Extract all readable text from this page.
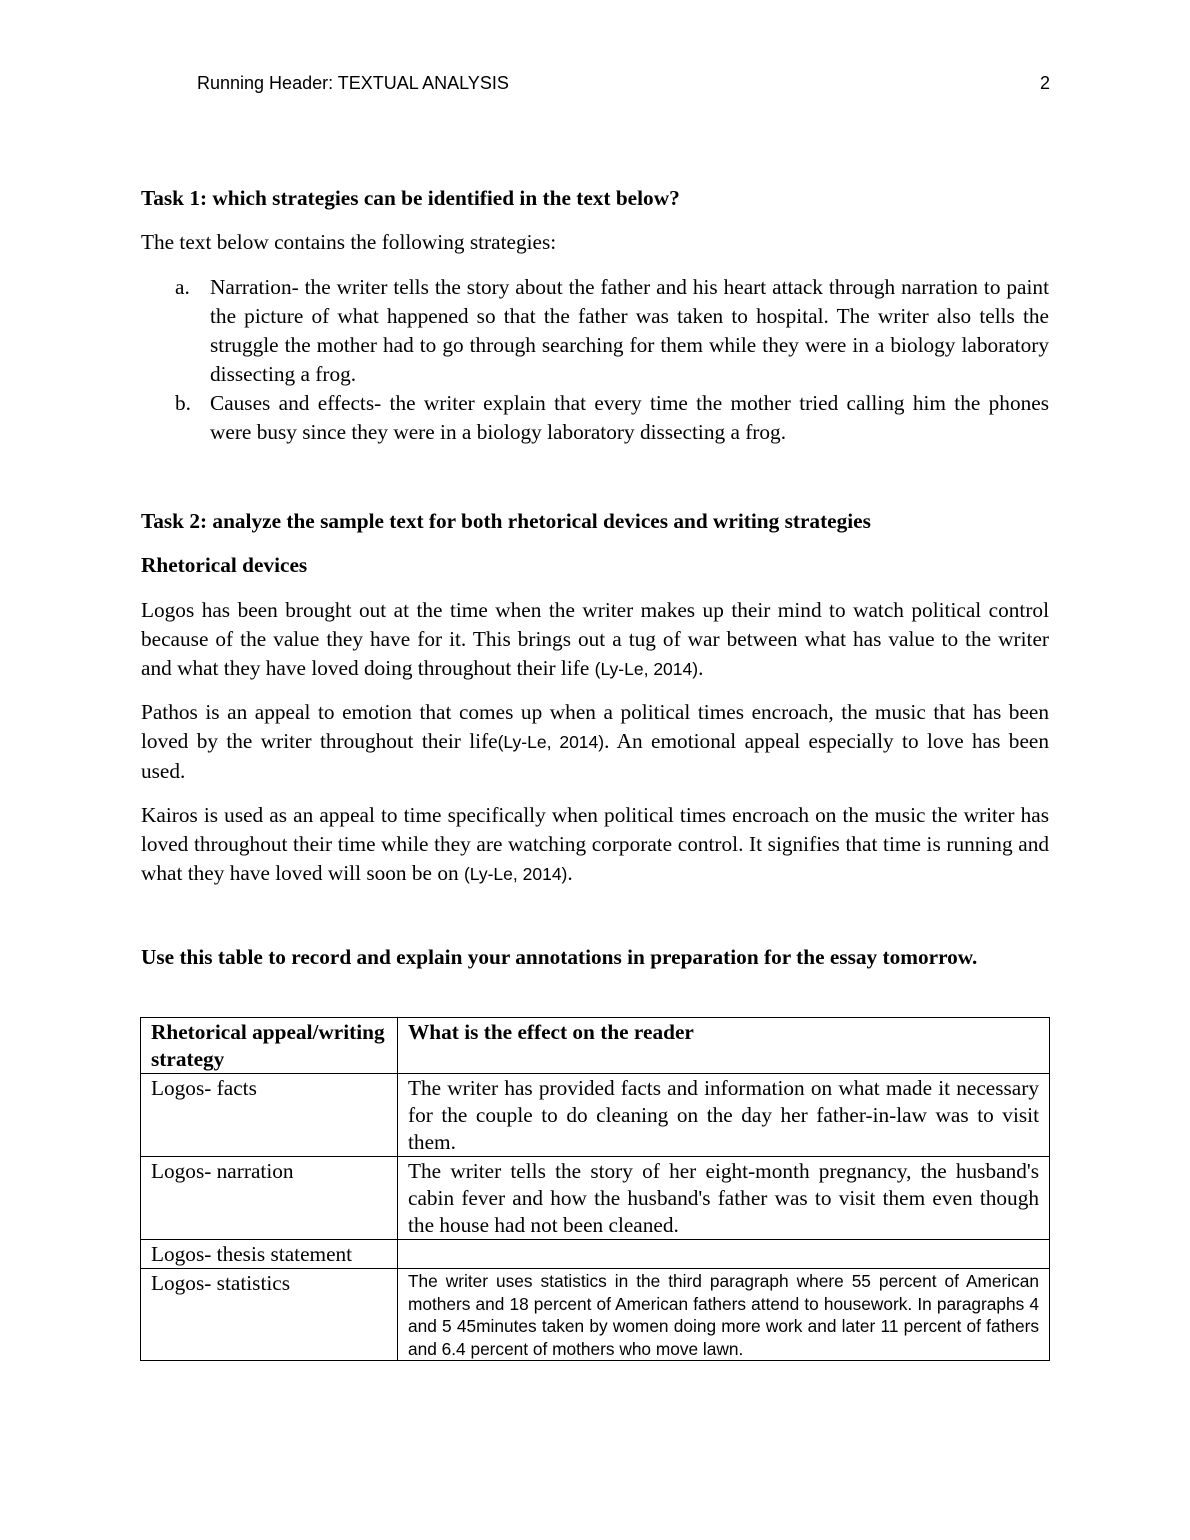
Running Header: TEXTUAL ANALYSIS	2

Task 1: which strategies can be identified in the text below?

The text below contains the following strategies:

a. Narration- the writer tells the story about the father and his heart attack through narration to paint the picture of what happened so that the father was taken to hospital. The writer also tells the struggle the mother had to go through searching for them while they were in a biology laboratory dissecting a frog.
b. Causes and effects- the writer explain that every time the mother tried calling him the phones were busy since they were in a biology laboratory dissecting a frog.

Task 2: analyze the sample text for both rhetorical devices and writing strategies

Rhetorical devices

Logos has been brought out at the time when the writer makes up their mind to watch political control because of the value they have for it. This brings out a tug of war between what has value to the writer and what they have loved doing throughout their life (Ly-Le, 2014).

Pathos is an appeal to emotion that comes up when a political times encroach, the music that has been loved by the writer throughout their life(Ly-Le, 2014). An emotional appeal especially to love has been used.

Kairos is used as an appeal to time specifically when political times encroach on the music the writer has loved throughout their time while they are watching corporate control. It signifies that time is running and what they have loved will soon be on (Ly-Le, 2014).

Use this table to record and explain your annotations in preparation for the essay tomorrow.

Rhetorical appeal/writing strategy	What is the effect on the reader
Logos- facts	The writer has provided facts and information on what made it necessary for the couple to do cleaning on the day her father-in-law was to visit them.
Logos- narration	The writer tells the story of her eight-month pregnancy, the husband's cabin fever and how the husband's father was to visit them even though the house had not been cleaned.
Logos- thesis statement	
Logos- statistics	The writer uses statistics in the third paragraph where 55 percent of American mothers and 18 percent of American fathers attend to housework. In paragraphs 4 and 5 45minutes taken by women doing more work and later 11 percent of fathers and 6.4 percent of mothers who move lawn.
